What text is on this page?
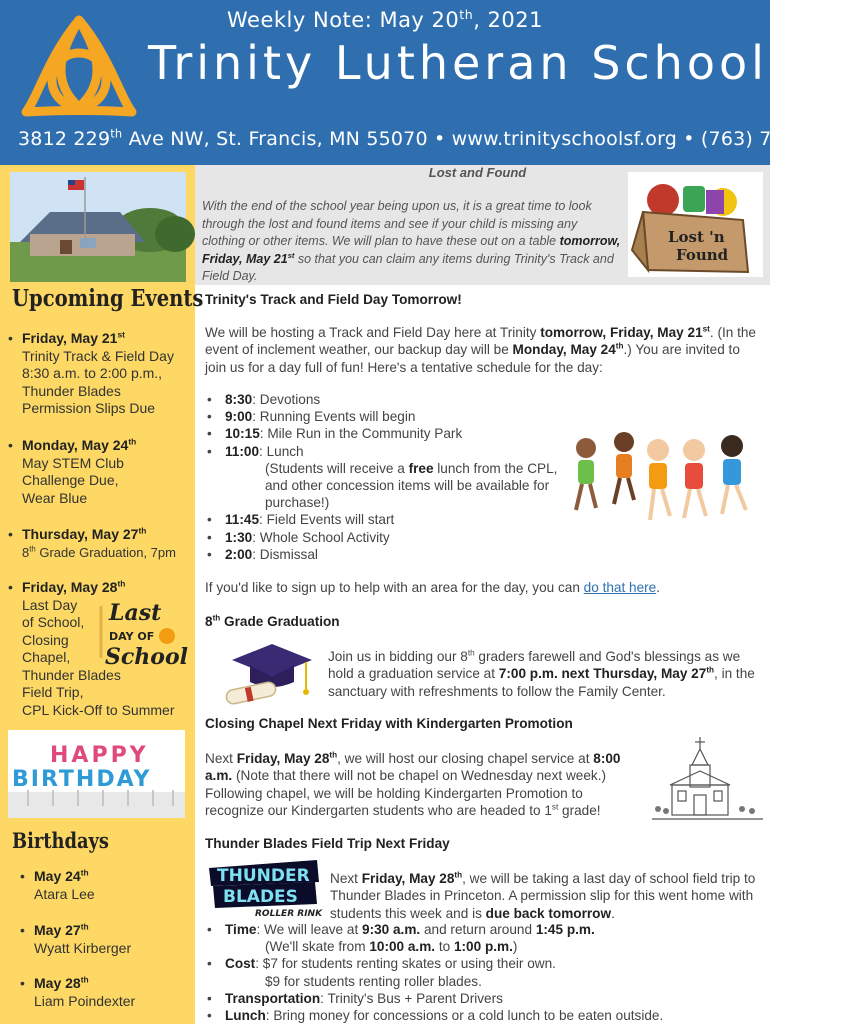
Weekly Note: May 20th, 2021
Trinity Lutheran School
3812 229th Ave NW, St. Francis, MN 55070 • www.trinityschoolsf.org • (763) 753-1234
Upcoming Events
• Friday, May 21st
Trinity Track & Field Day
8:30 a.m. to 2:00 p.m.,
Thunder Blades
Permission Slips Due
• Monday, May 24th
May STEM Club
Challenge Due,
Wear Blue
• Thursday, May 27th
8th Grade Graduation, 7pm
• Friday, May 28th
Last Day
of School,
Closing
Chapel,
Thunder Blades
Field Trip,
CPL Kick-Off to Summer
Last
DAY OF
School
HAPPY
BIRTHDAY
Birthdays
• May 24th
Atara Lee
• May 27th
Wyatt Kirberger
• May 28th
Liam Poindexter
Lost and Found
With the end of the school year being upon us, it is a great time to look through the lost and found items and see if your child is missing any clothing or other items. We will plan to have these out on a table tomorrow, Friday, May 21st so that you can claim any items during Trinity's Track and Field Day.
Lost 'n
Found
Trinity's Track and Field Day Tomorrow!
We will be hosting a Track and Field Day here at Trinity tomorrow, Friday, May 21st. (In the event of inclement weather, our backup day will be Monday, May 24th.) You are invited to join us for a day full of fun! Here's a tentative schedule for the day:
• 8:30: Devotions
• 9:00: Running Events will begin
• 10:15: Mile Run in the Community Park
• 11:00: Lunch
(Students will receive a free lunch from the CPL,
and other concession items will be available for
purchase!)
• 11:45: Field Events will start
• 1:30: Whole School Activity
• 2:00: Dismissal
If you'd like to sign up to help with an area for the day, you can do that here.
8th Grade Graduation
Join us in bidding our 8th graders farewell and God's blessings as we hold a graduation service at 7:00 p.m. next Thursday, May 27th, in the sanctuary with refreshments to follow the Family Center.
Closing Chapel Next Friday with Kindergarten Promotion
Next Friday, May 28th, we will host our closing chapel service at 8:00 a.m. (Note that there will not be chapel on Wednesday next week.) Following chapel, we will be holding Kindergarten Promotion to recognize our Kindergarten students who are headed to 1st grade!
Thunder Blades Field Trip Next Friday
THUNDER
BLADES
ROLLER RINK
Next Friday, May 28th, we will be taking a last day of school field trip to Thunder Blades in Princeton. A permission slip for this went home with students this week and is due back tomorrow.
• Time: We will leave at 9:30 a.m. and return around 1:45 p.m.
(We'll skate from 10:00 a.m. to 1:00 p.m.)
• Cost: $7 for students renting skates or using their own.
$9 for students renting roller blades.
• Transportation: Trinity's Bus + Parent Drivers
• Lunch: Bring money for concessions or a cold lunch to be eaten outside.
